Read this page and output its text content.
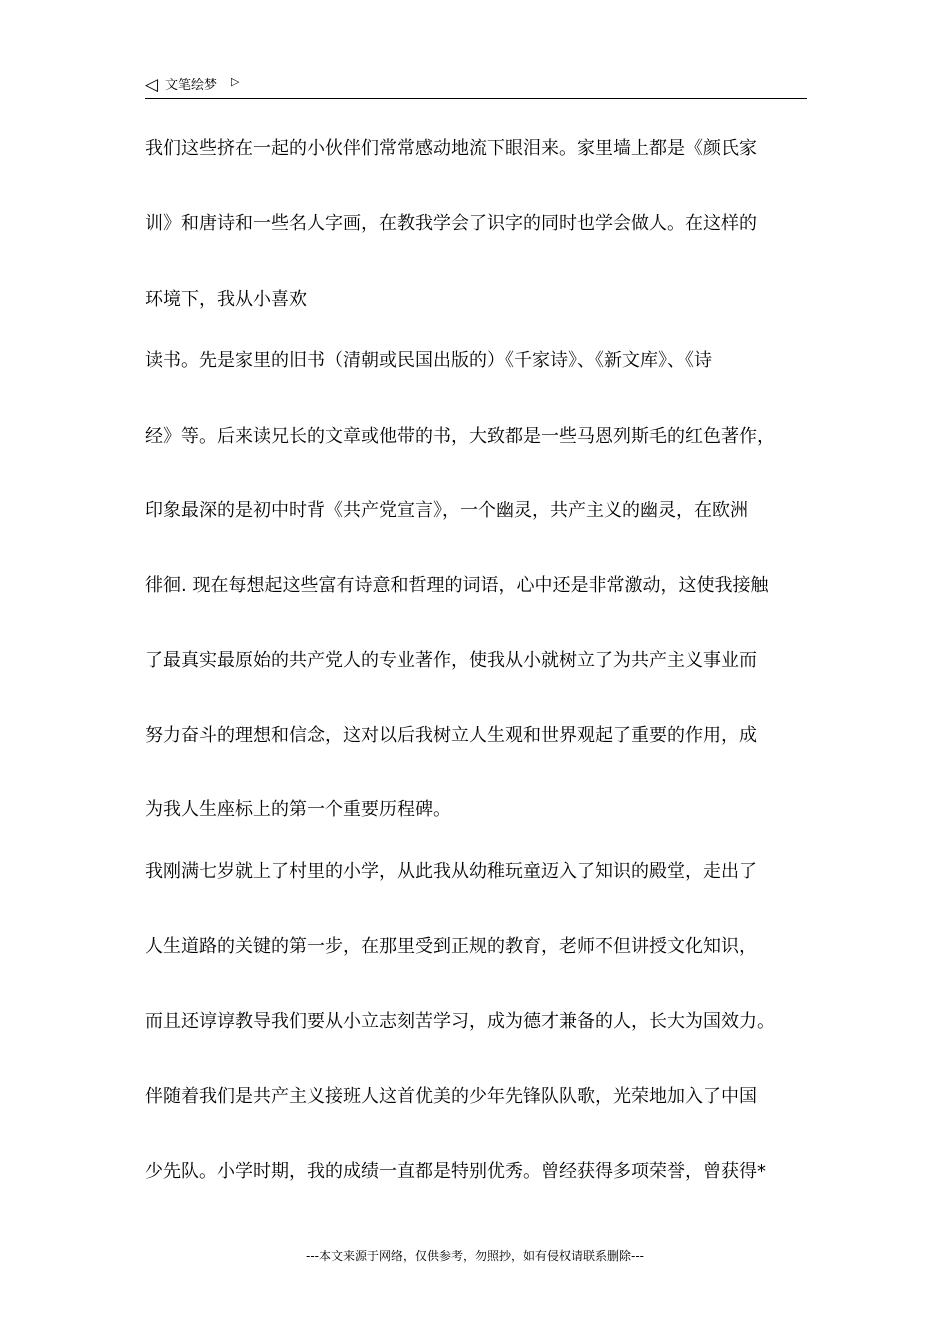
◁ 文笔绘梦 ▷
我们这些挤在一起的小伙伴们常常感动地流下眼泪来。家里墙上都是《颜氏家
训》和唐诗和一些名人字画，在教我学会了识字的同时也学会做人。在这样的
环境下，我从小喜欢
读书。先是家里的旧书（清朝或民国出版的）《千家诗》、《新文库》、《诗
经》等。后来读兄长的文章或他带的书，大致都是一些马恩列斯毛的红色著作，
印象最深的是初中时背《共产党宣言》，一个幽灵，共产主义的幽灵，在欧洲
徘徊. 现在每想起这些富有诗意和哲理的词语，心中还是非常激动，这使我接触
了最真实最原始的共产党人的专业著作，使我从小就树立了为共产主义事业而
努力奋斗的理想和信念，这对以后我树立人生观和世界观起了重要的作用，成
为我人生座标上的第一个重要历程碑。
我刚满七岁就上了村里的小学，从此我从幼稚玩童迈入了知识的殿堂，走出了
人生道路的关键的第一步，在那里受到正规的教育，老师不但讲授文化知识，
而且还谆谆教导我们要从小立志刻苦学习，成为德才兼备的人，长大为国效力。
伴随着我们是共产主义接班人这首优美的少年先锋队队歌，光荣地加入了中国
少先队。小学时期，我的成绩一直都是特别优秀。曾经获得多项荣誉，曾获得*
---本文来源于网络，仅供参考，勿照抄，如有侵权请联系删除---
